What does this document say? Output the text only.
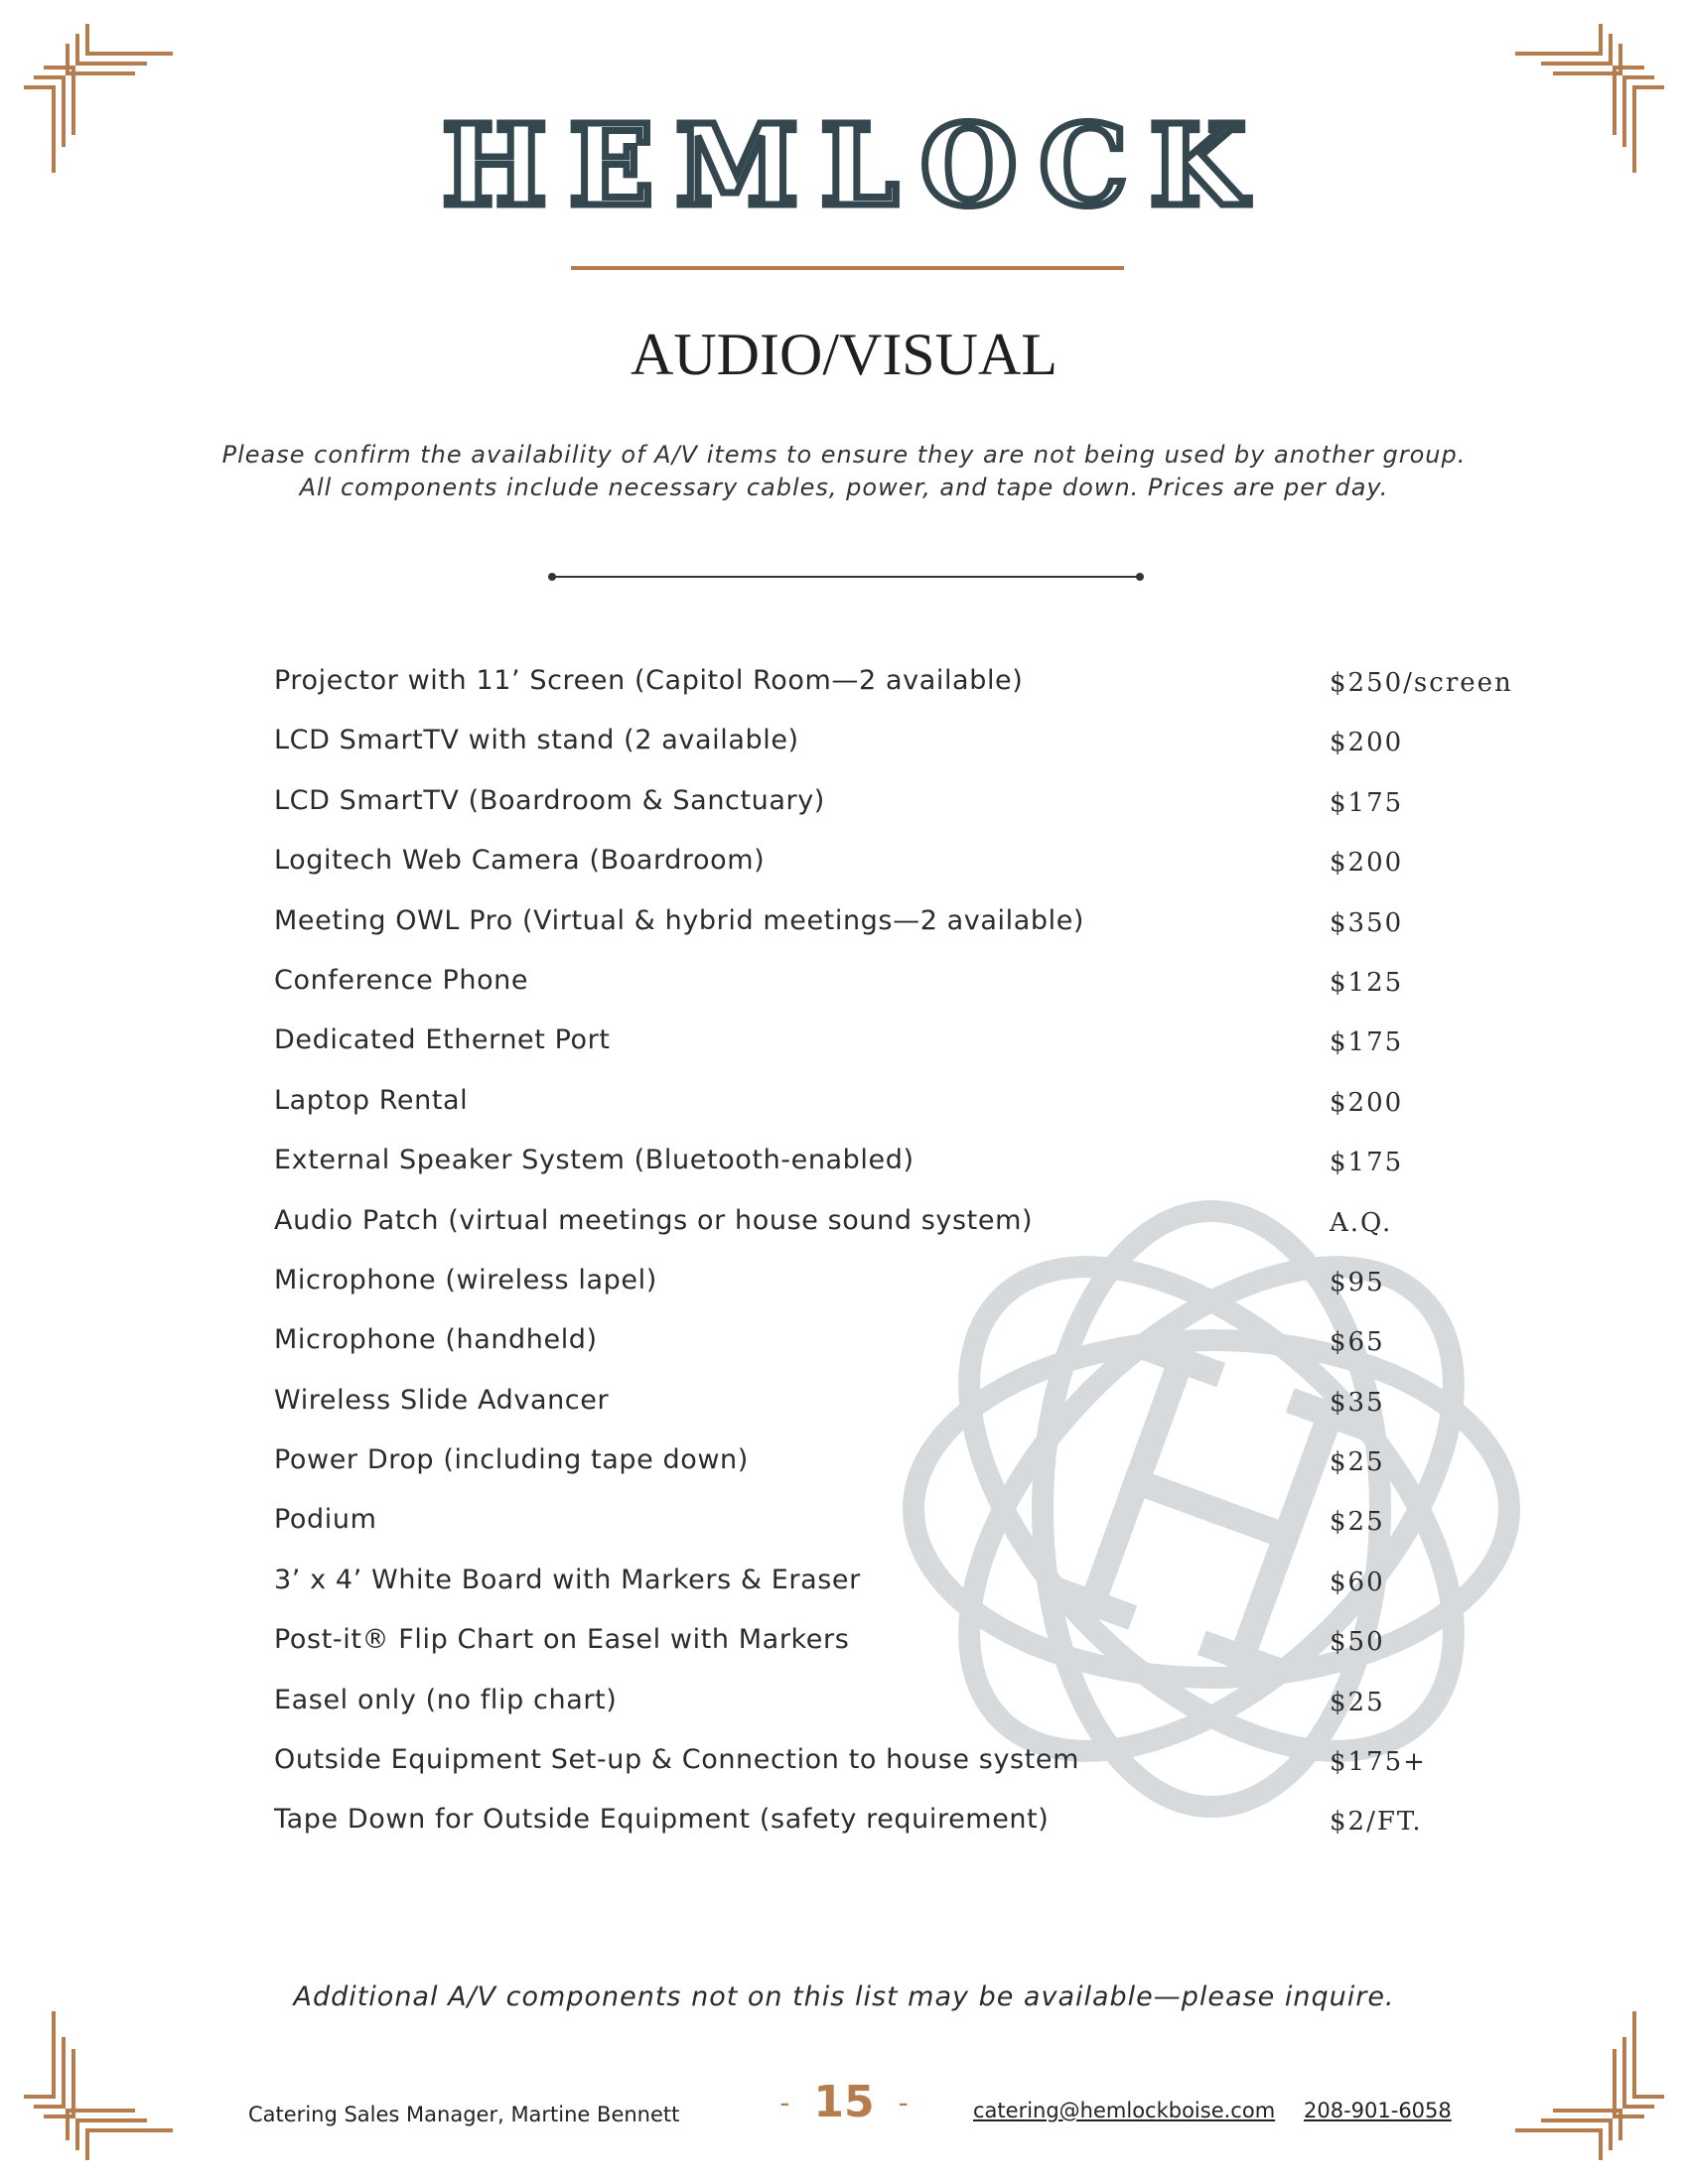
HEMLOCK
AUDIO/VISUAL
Please confirm the availability of A/V items to ensure they are not being used by another group.
All components include necessary cables, power, and tape down. Prices are per day.
Projector with 11’ Screen (Capitol Room—2 available)	$250/screen
LCD SmartTV with stand (2 available)	$200
LCD SmartTV (Boardroom & Sanctuary)	$175
Logitech Web Camera (Boardroom)	$200
Meeting OWL Pro (Virtual & hybrid meetings—2 available)	$350
Conference Phone	$125
Dedicated Ethernet Port	$175
Laptop Rental	$200
External Speaker System (Bluetooth-enabled)	$175
Audio Patch (virtual meetings or house sound system)	A.Q.
Microphone (wireless lapel)	$95
Microphone (handheld)	$65
Wireless Slide Advancer	$35
Power Drop (including tape down)	$25
Podium	$25
3’ x 4’ White Board with Markers & Eraser	$60
Post-it® Flip Chart on Easel with Markers	$50
Easel only (no flip chart)	$25
Outside Equipment Set-up & Connection to house system	$175+
Tape Down for Outside Equipment (safety requirement)	$2/FT.
Additional A/V components not on this list may be available—please inquire.
Catering Sales Manager, Martine Bennett	- 15 -	catering@hemlockboise.com 208-901-6058
